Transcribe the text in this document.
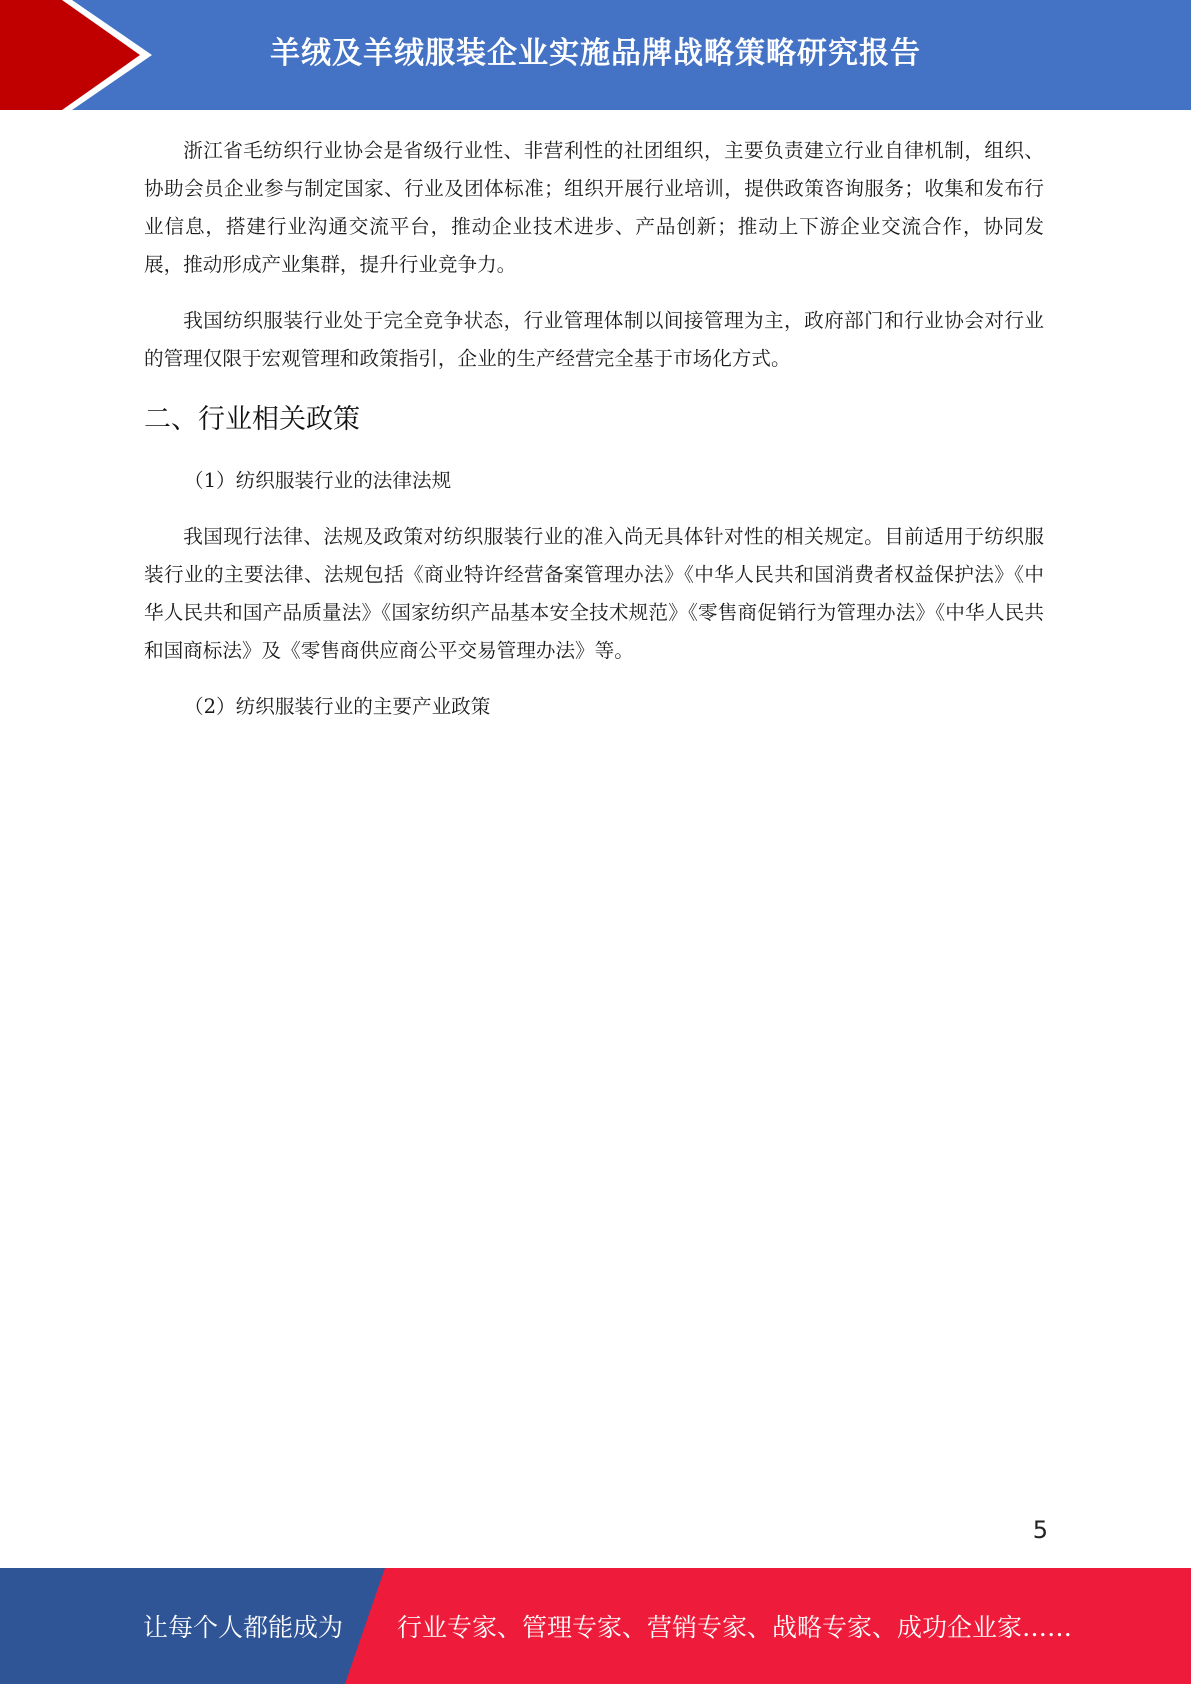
羊绒及羊绒服装企业实施品牌战略策略研究报告

浙江省毛纺织行业协会是省级行业性、非营利性的社团组织，主要负责建立行业自律机制，组织、协助会员企业参与制定国家、行业及团体标准；组织开展行业培训，提供政策咨询服务；收集和发布行业信息，搭建行业沟通交流平台，推动企业技术进步、产品创新；推动上下游企业交流合作，协同发展，推动形成产业集群，提升行业竞争力。

我国纺织服装行业处于完全竞争状态，行业管理体制以间接管理为主，政府部门和行业协会对行业的管理仅限于宏观管理和政策指引，企业的生产经营完全基于市场化方式。

二、行业相关政策

（1）纺织服装行业的法律法规

我国现行法律、法规及政策对纺织服装行业的准入尚无具体针对性的相关规定。目前适用于纺织服装行业的主要法律、法规包括《商业特许经营备案管理办法》《中华人民共和国消费者权益保护法》《中华人民共和国产品质量法》《国家纺织产品基本安全技术规范》《零售商促销行为管理办法》《中华人民共和国商标法》及《零售商供应商公平交易管理办法》等。

（2）纺织服装行业的主要产业政策

5
让每个人都能成为 行业专家、管理专家、营销专家、战略专家、成功企业家……
